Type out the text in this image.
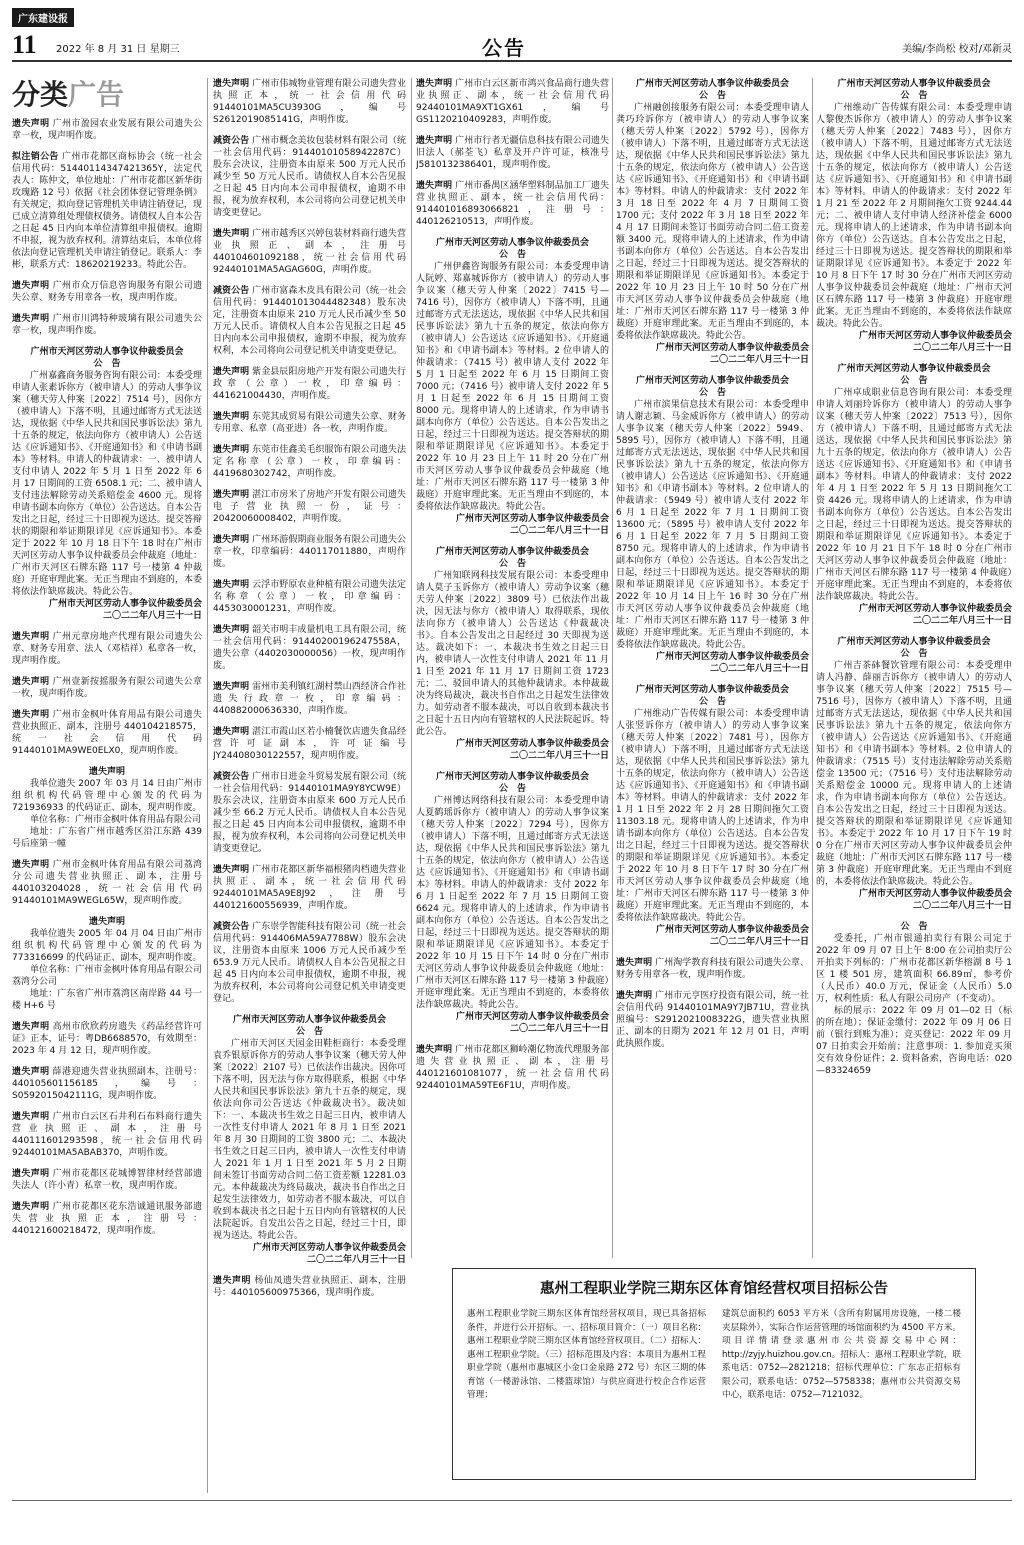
广东建设报
11 2022 年 8 月 31 日 星期三	公告	美编/李尚松 校对/邓新灵
分类广告
遗失声明 广州市盈园农业发展有限公司遗失公章一枚，现声明作废。
拟注销公告 广州市花都区商标协会（统一社会信用代码：51440114347421365Y，法定代表人：陈仲文，单位地址：广州市花都区新华街玫瑰路 12 号）依据《社会团体登记管理条例》有关规定，拟向登记管理机关申请注销登记，现已成立清算组处理债权债务。请债权人自本公告之日起 45 日内向本单位清算组申报债权。逾期不申报，视为放弃权利。清算结束后，本单位将依法向登记管理机关申请注销登记。联系人：李彬，联系方式：18620219233。特此公告。
遗失声明 广州市众万信息咨询服务有限公司遗失公章、财务专用章各一枚，现声明作废。
遗失声明 广州市川鸿特种玻璃有限公司遗失公章一枚，现声明作废。
广州市天河区劳动人事争议仲裁委员会
公　告
广州嘉鑫商务服务咨询有限公司：本委受理申请人张素诉你方（被申请人）的劳动人事争议案（穗天劳人仲案〔2022〕7514 号），因你方（被申请人）下落不明，且通过邮寄方式无法送达，现依据《中华人民共和国民事诉讼法》第九十五条的规定，依法向你方（被申请人）公告送达《应诉通知书》、《开庭通知书》和《申请书副本》等材料。申请人的仲裁请求：一、被申请人支付申请人 2022 年 5 月 1 日至 2022 年 6 月 17 日期间的工资 6508.1 元；二、被申请人支付违法解除劳动关系赔偿金 4600 元。现将申请书副本向你方（单位）公告送达。自本公告发出之日起，经过三十日即视为送达。提交答辩状的期限和举证期限详见《应诉通知书》。本委定于 2022 年 10 月 18 日下午 18 时在广州市天河区劳动人事争议仲裁委员会仲裁庭（地址：广州市天河区石牌东路 117 号一楼第 4 仲裁庭）开庭审理此案。无正当理由不到庭的，本委将依法作缺席裁决。特此公告。
广州市天河区劳动人事争议仲裁委员会
二〇二二年八月三十一日
遗失声明 广州元章房地产代理有限公司遗失公章、财务专用章、法人（邓桔祥）私章各一枚，现声明作废。
遗失声明 广州壹新按摇服务有限公司遗失公章一枚，现声明作废。
遗失声明 广州市金枫叶体育用品有限公司遗失营业执照正、副本，注册号 440104218575，统一社会信用代码 91440101MA9WE0ELX0，现声明作废。
遗失声明
我单位遗失 2007 年 03 月 14 日由广州市组织机构代码管理中心颁发的代码为 721936933 的代码证正、副本，现声明作废。
单位名称：广州市金枫叶体育用品有限公司
地址：广东省广州市越秀区沿江东路 439 号后座第一幢
遗失声明 广州市金枫叶体育用品有限公司荔湾分公司遗失营业执照正、副本，注册号 440103204028，统一社会信用代码 91440101MA9WEGL65W，现声明作废。
遗失声明
我单位遗失 2005 年 04 月 04 日由广州市组织机构代码管理中心颁发的代码为 773316699 的代码证正、副本，现声明作废。
单位名称：广州市金枫叶体育用品有限公司荔湾分公司
地址：广东省广州市荔湾区南岸路 44 号一楼 H+6 号
遗失声明 高州市欣欣药房遗失《药品经营许可证》正本，证号：粤DB6688570，有效期至：2023 年 4 月 12 日，现声明作废。
遗失声明 薛港迎遗失营业执照副本，注册号：440105601156185，编号：S0592015042111G，现声明作废。
遗失声明 广州市白云区石井利石布料商行遗失营业执照正、副本，注册号 440111601293598，统一社会信用代码 92440101MA5ABAB370，声明作废。
遗失声明 广州市花都区花城博智律材经营部遗失法人（许小青）私章一枚，现声明作废。
遗失声明 广州市花都区花东浩诚通讯服务部遗失营业执照正本，注册号：440121600218472，现声明作废。
遗失声明 广州市伟城物业管理有限公司遗失营业执照正本，统一社会信用代码 91440101MA5CU3930G，编号 S2612019085141G，声明作废。
减资公告 广州市概念美妆包装材料有限公司（统一社会信用代码：91440101058942287C）股东会决议，注册资本由原来 500 万元人民币减少至 50 万元人民币。请债权人自本公告见报之日起 45 日内向本公司申报债权，逾期不申报，视为放弃权利，本公司将向公司登记机关申请变更登记。
遗失声明 广州市越秀区兴婷包装材料商行遗失营业执照正、副本，注册号 440104601092188，统一社会信用代码 92440101MA5AGAG60G，声明作废。
减资公告 广州市富森木皮具有限公司（统一社会信用代码：914401013044482348）股东决定，注册资本由原来 210 万元人民币减少至 50 万元人民币。请债权人自本公告见报之日起 45 日内向本公司申报债权，逾期不申报，视为放弃权利，本公司将向公司登记机关申请变更登记。
遗失声明 紫金县辰阳房地产开发有限公司遗失行政章（公章）一枚，印章编码：441621004430，声明作废。
遗失声明 东莞其成贸易有限公司遗失公章、财务专用章、私章（高亚进）各一枚，声明作废。
遗失声明 东莞市佳鑫美毛织服饰有限公司遗失法定名称章（公章）一枚，印章编码：4419680302742，声明作废。
遗失声明 湛江市房米了房地产开发有限公司遗失电子营业执照一份，证号：20420060008402，声明作废。
遗失声明 广州环游假期商业服务有限公司遗失公章一枚，印章编码：440117011880，声明作废。
遗失声明 云浮市野原农业种植有限公司遗失法定名称章（公章）一枚，印章编码：4453030001231，声明作废。
遗失声明 韶关市明丰成量机电工具有限公司，统一社会信用代码：91440200196247558A，遗失公章（4402030000056）一枚，现声明作废。
遗失声明 雷州市美利镇红湖村禁山西经济合作社遗失行政章一枚，印章编码：440882000636330，声明作废。
遗失声明 湛江市霞山区若小楠餐饮店遗失食品经营许可证副本，许可证编号 JY24408030122557，现声明作废。
减资公告 广州市日进金斗贸易发展有限公司（统一社会信用代码：91440101MA9Y8YCW9E）股东会决议，注册资本由原来 600 万元人民币减少至 66.2 万元人民币。请债权人自本公告见报之日起 45 日内向本公司申报债权，逾期不申报，视为放弃权利，本公司将向公司登记机关申请变更登记。
遗失声明 广州市花都区新华福根猪肉档遗失营业执照正、副本，统一社会信用代码 92440101MA5A9E8J92，注册号 440121600556939，声明作废。
减资公告 广东崇学智能科技有限公司（统一社会信用代码：914406MA59A7788W）股东会决议，注册资本由原来 1006 万元人民币减少至 653.9 万元人民币。请债权人自本公告见报之日起 45 日内向本公司申报债权，逾期不申报，视为放弃权利，本公司将向公司登记机关申请变更登记。
广州市天河区劳动人事争议仲裁委员会
公　告
广州市天河区天园金田鞋柜商行：本委受理袁乔银原诉你方的劳动人事争议案（穗天劳人仲案〔2022〕2107 号）已依法作出裁决。因你可下落不明，因无法与你方取得联系，根据《中华人民共和国民事诉讼法》第九十五条的规定，现依法向你司公告送达《仲裁裁决书》。裁决如下：一、本裁决书生效之日起三日内，被申请人一次性支付申请人 2021 年 8 月 1 日至 2021 年 8 月 30 日期间的工资 3800 元；二、本裁决书生效之日起三日内，被申请人一次性支付申请人 2021 年 1 月 1 日至 2021 年 5 月 2 日期间未签订书面劳动合同二倍工资差额 12281.03 元。本仲裁裁决为终局裁决，裁决书自作出之日起发生法律效力，如劳动者不服本裁决，可以自收到本裁决书之日起十五日内向有管辖权的人民法院起诉。自发出公告之日起，经过三十日，即视为送达。特此公告。
广州市天河区劳动人事争议仲裁委员会
二〇二二年八月三十一日
遗失声明 杨仙凤遗失营业执照正、副本，注册号：440105600975366，现声明作废。
遗失声明 广州市白云区新市鸿兴食品商行遗失营业执照正、副本，统一社会信用代码 92440101MA9XT1GX61，编号 GS1120210409283，声明作废。
遗失声明 广州市行者无疆信息科技有限公司遗失旧法人（郝荃飞）私章及开户许可证，核准号 J5810132386401，现声明作废。
遗失声明 广州市番禺区涵华塑料制品加工厂遗失营业执照正、副本，统一社会信用代码：914401016893066821，注册号：440126210513，声明作废。
广州市天河区劳动人事争议仲裁委员会
公　告
广州伊鑫咨询服务有限公司：本委受理申请人阮婷、郑嘉城诉你方（被申请人）的劳动人事争议案（穗天劳人仲案〔2022〕7415 号—7416 号），因你方（被申请人）下落不明，且通过邮寄方式无法送达，现依据《中华人民共和国民事诉讼法》第九十五条的规定，依法向你方（被申请人）公告送达《应诉通知书》、《开庭通知书》和《申请书副本》等材料。2 位申请人的仲裁请求：（7415 号）被申请人支付 2022 年 5 月 1 日起至 2022 年 6 月 15 日期间工资 7000 元；（7416 号）被申请人支付 2022 年 5 月 1 日起至 2022 年 6 月 15 日期间工资 8000 元。现将申请人的上述请求，作为申请书副本向你方（单位）公告送达。自本公告发出之日起，经过三十日即视为送达。提交答辩状的期限和举证期限详见《应诉通知书》。本委定于 2022 年 10 月 23 日上午 11 时 20 分在广州市天河区劳动人事争议仲裁委员会仲裁庭（地址：广州市天河区石牌东路 117 号一楼第 3 仲裁庭）开庭审理此案。无正当理由不到庭的，本委将依法作缺席裁决。特此公告。
广州市天河区劳动人事争议仲裁委员会
二〇二二年八月三十一日
广州市天河区劳动人事争议仲裁委员会
公　告
广州知联网科技发展有限公司：本委受理申请人莫子玉诉你方（被申请人）劳动争议案（穗天劳人仲案〔2022〕3809 号）已依法作出裁决，因无法与你方（被申请人）取得联系，现依法向你方（被申请人）公告送达《仲裁裁决书》。自本公告发出之日起经过 30 天即视为送达。裁决如下：一、本裁决书生效之日起三日内，被申请人一次性支付申请人 2021 年 11 月 1 日至 2021 年 11 月 17 日期间工资 1723 元；二、驳回申请人的其他仲裁请求。本仲裁裁决为终局裁决，裁决书自作出之日起发生法律效力。如劳动者不服本裁决，可以自收到本裁决书之日起十五日内向有管辖权的人民法院起诉。特此公告。
广州市天河区劳动人事争议仲裁委员会
二〇二二年八月三十一日
广州市天河区劳动人事争议仲裁委员会
公　告
广州博达网络科技有限公司：本委受理申请人夏鹤瑶诉你方（被申请人）的劳动人事争议案（穗天劳人仲案〔2022〕7294 号），因你方（被申请人）下落不明，且通过邮寄方式无法送达，现依据《中华人民共和国民事诉讼法》第九十五条的规定，依法向你方（被申请人）公告送达《应诉通知书》、《开庭通知书》和《申请书副本》等材料。申请人的仲裁请求：支付 2022 年 6 月 1 日起至 2022 年 7 月 15 日期间工资 6624 元。现将申请人的上述请求，作为申请书副本向你方（单位）公告送达。自本公告发出之日起，经过三十日即视为送达。提交答辩状的期限和举证期限详见《应诉通知书》。本委定于 2022 年 10 月 15 日下午 14 时 0 分在广州市天河区劳动人事争议仲裁委员会仲裁庭（地址：广州市天河区石牌东路 117 号一楼第 3 仲裁庭）开庭审理此案。无正当理由不到庭的，本委将依法作缺席裁决。特此公告。
广州市天河区劳动人事争议仲裁委员会
二〇二二年八月三十一日
遗失声明 广州市花都区狮岭潮亿物流代理服务部遗失营业执照正、副本，注册号 440121601081077，统一社会信用代码 92440101MA59TE6F1U，声明作废。
广州市天河区劳动人事争议仲裁委员会
公　告
广州融创接服务有限公司：本委受理申请人龚巧玲诉你方（被申请人）的劳动人事争议案（穗天劳人仲案〔2022〕5792 号），因你方（被申请人）下落不明，且通过邮寄方式无法送达，现依据《中华人民共和国民事诉讼法》第九十五条的规定，依法向你方（被申请人）公告送达《应诉通知书》、《开庭通知书》和《申请书副本》等材料。申请人的仲裁请求：支付 2022 年 3 月 18 日至 2022 年 4 月 7 日期间工资 1700 元；支付 2022 年 3 月 18 日至 2022 年 4 月 17 日期间未签订书面劳动合同二倍工资差额 3400 元。现将申请人的上述请求，作为申请书副本向你方（单位）公告送达。自本公告发出之日起，经过三十日即视为送达。提交答辩状的期限和举证期限详见《应诉通知书》。本委定于 2022 年 10 月 23 日上午 10 时 50 分在广州市天河区劳动人事争议仲裁委员会仲裁庭（地址：广州市天河区石牌东路 117 号一楼第 3 仲裁庭）开庭审理此案。无正当理由不到庭的，本委将依法作缺席裁决。特此公告。
广州市天河区劳动人事争议仲裁委员会
二〇二二年八月三十一日
广州市天河区劳动人事争议仲裁委员会
公　告
广州市滨果信息技术有限公司：本委受理申请人谢志颖、马金威诉你方（被申请人）的劳动人事争议案（穗天劳人仲案〔2022〕5949、5895 号），因你方（被申请人）下落不明，且通过邮寄方式无法送达，现依据《中华人民共和国民事诉讼法》第九十五条的规定，依法向你方（被申请人）公告送达《应诉通知书》、《开庭通知书》和《申请书副本》等材料。2 位申请人的仲裁请求：（5949 号）被申请人支付 2022 年 6 月 1 日起至 2022 年 7 月 1 日期间工资 13600 元；（5895 号）被申请人支付 2022 年 6 月 1 日起至 2022 年 7 月 5 日期间工资 8750 元。现将申请人的上述请求，作为申请书副本向你方（单位）公告送达。自本公告发出之日起，经过三十日即视为送达。提交答辩状的期限和举证期限详见《应诉通知书》。本委定于 2022 年 10 月 14 日上午 16 时 30 分在广州市天河区劳动人事争议仲裁委员会仲裁庭（地址：广州市天河区石牌东路 117 号一楼第 3 仲裁庭）开庭审理此案。无正当理由不到庭的，本委将依法作缺席裁决。特此公告。
广州市天河区劳动人事争议仲裁委员会
二〇二二年八月三十一日
广州市天河区劳动人事争议仲裁委员会
公　告
广州维动广告传媒有限公司：本委受理申请人张竖诉你方（被申请人）的劳动人事争议案（穗天劳人仲案〔2022〕7481 号），因你方（被申请人）下落不明，且通过邮寄方式无法送达，现依据《中华人民共和国民事诉讼法》第九十五条的规定，依法向你方（被申请人）公告送达《应诉通知书》、《开庭通知书》和《申请书副本》等材料。申请人的仲裁请求：支付 2022 年 1 月 1 日至 2022 年 2 月 28 日期间拖欠工资 11303.18 元。现将申请人的上述请求，作为申请书副本向你方（单位）公告送达。自本公告发出之日起，经过三十日即视为送达。提交答辩状的期限和举证期限详见《应诉通知书》。本委定于 2022 年 10 月 8 日下午 17 时 30 分在广州市天河区劳动人事争议仲裁委员会仲裁庭（地址：广州市天河区石牌东路 117 号一楼第 3 仲裁庭）开庭审理此案。无正当理由不到庭的，本委将依法作缺席裁决。特此公告。
广州市天河区劳动人事争议仲裁委员会
二〇二二年八月三十一日
遗失声明 广州淘学教育科技有限公司遗失公章、财务专用章各一枚，现声明作废。
遗失声明 广州市元亨医疗投资有限公司，统一社会信用代码 91440101MA9Y7JB71U，营业执照编号：S2912021008322G，遗失营业执照正、副本的日期为 2021 年 12 月 01 日，声明此执照作废。
广州市天河区劳动人事争议仲裁委员会
公　告
广州维动广告传媒有限公司：本委受理申请人黎俊杰诉你方（被申请人）的劳动人事争议案（穗天劳人仲案〔2022〕7483 号），因你方（被申请人）下落不明，且通过邮寄方式无法送达，现依据《中华人民共和国民事诉讼法》第九十五条的规定，依法向你方（被申请人）公告送达《应诉通知书》、《开庭通知书》和《申请书副本》等材料。申请人的仲裁请求：支付 2022 年 1 月 21 至 2022 年 2 月期间拖欠工资 9244.44 元；二、被申请人支付申请人经济补偿金 6000 元。现将申请人的上述请求，作为申请书副本向你方（单位）公告送达。自本公告发出之日起，经过三十日即视为送达。提交答辩状的期限和举证期限详见《应诉通知书》。本委定于 2022 年 10 月 8 日下午 17 时 30 分在广州市天河区劳动人事争议仲裁委员会仲裁庭（地址：广州市天河区石牌东路 117 号一楼第 3 仲裁庭）开庭审理此案。无正当理由不到庭的，本委将依法作缺席裁决。特此公告。
广州市天河区劳动人事争议仲裁委员会
二〇二二年八月三十一日
广州市天河区劳动人事争议仲裁委员会
公　告
广州卓成职业信息咨询有限公司：本委受理申请人刘丽玲诉你方（被申请人）的劳动人事争议案（穗天劳人仲案〔2022〕7513 号），因你方（被申请人）下落不明，且通过邮寄方式无法送达，现依据《中华人民共和国民事诉讼法》第九十五条的规定，依法向你方（被申请人）公告送达《应诉通知书》、《开庭通知书》和《申请书副本》等材料。申请人的仲裁请求：支付 2022 年 4 月 1 日至 2022 年 5 月 13 日期间拖欠工资 4426 元。现将申请人的上述请求，作为申请书副本向你方（单位）公告送达。自本公告发出之日起，经过三十日即视为送达。提交答辩状的期限和举证期限详见《应诉通知书》。本委定于 2022 年 10 月 21 日下午 18 时 0 分在广州市天河区劳动人事争议仲裁委员会仲裁庭（地址：广州市天河区石牌东路 117 号一楼第 4 仲裁庭）开庭审理此案。无正当理由不到庭的，本委将依法作缺席裁决。特此公告。
广州市天河区劳动人事争议仲裁委员会
二〇二二年八月三十一日
广州市天河区劳动人事争议仲裁委员会
公　告
广州吉茶砵餐饮管理有限公司：本委受理申请人冯静、薛丽吉诉你方（被申请人）的劳动人事争议案（穗天劳人仲案〔2022〕7515 号—7516 号），因你方（被申请人）下落不明，且通过邮寄方式无法送达，现依据《中华人民共和国民事诉讼法》第九十五条的规定，依法向你方（被申请人）公告送达《应诉通知书》、《开庭通知书》和《申请书副本》等材料。2 位申请人的仲裁请求：（7515 号）支付违法解除劳动关系赔偿金 13500 元；（7516 号）支付违法解除劳动关系赔偿金 10000 元。现将申请人的上述请求，作为申请书副本向你方（单位）公告送达。自本公告发出之日起，经过三十日即视为送达。提交答辩状的期限和举证期限详见《应诉通知书》。本委定于 2022 年 10 月 17 日下午 19 时 0 分在广州市天河区劳动人事争议仲裁委员会仲裁庭（地址：广州市天河区石牌东路 117 号一楼第 3 仲裁庭）开庭审理此案。无正当理由不到庭的，本委将依法作缺席裁决。特此公告。
广州市天河区劳动人事争议仲裁委员会
二〇二二年八月三十一日
公　告
受委托，广州市银通拍卖行有限公司定于 2022 年 09 月 07 日上午 8:00 在公司拍卖厅公开拍卖下列标的：广州市花都区新华榕湖 8 号 1 区 1 楼 501 房，建筑面积 66.89㎡，参考价（人民币）40.0 万元，保证金（人民币）5.0 万，权利性质：私人有限公司房产（不变动）。
标的展示：2022 年 09 月 01—02 日（标的所在地）；保证金缴付：2022 年 09 月 06 日前（银行到账为准）；竞买登记：2022 年 09 月 07 日拍卖会开始前；注意事项：1. 参加竞买须交有效身份证件；2. 资料备索，咨询电话：020—83324659
惠州工程职业学院三期东区体育馆经营权项目招标公告
惠州工程职业学院三期东区体育馆经营权项目，现已具备招标条件，并进行公开招标。一、招标项目简介：（一）项目名称：惠州工程职业学院三期东区体育馆经营权项目。（二）招标人：惠州工程职业学院。（三）招标范围及内容：本项目为惠州工程职业学院（惠州市惠城区小金口金泉路 272 号）东区三期的体育馆（一楼游泳馆、二楼篮球馆）与供应商进行校企合作运营管理；
建筑总面积约 6053 平方米（含所有附属用房设施，一楼二楼夹层除外），实际合作运营管理的场馆面积约为 4500 平方米。项目详情请登录惠州市公共资源交易中心网：http://zyjy.huizhou.gov.cn。招标人：惠州工程职业学院，联系电话：0752—2821218；招标代理单位：广东志正招标有限公司，联系电话：0752—5758338；惠州市公共资源交易中心，联系电话：0752—7121032。
